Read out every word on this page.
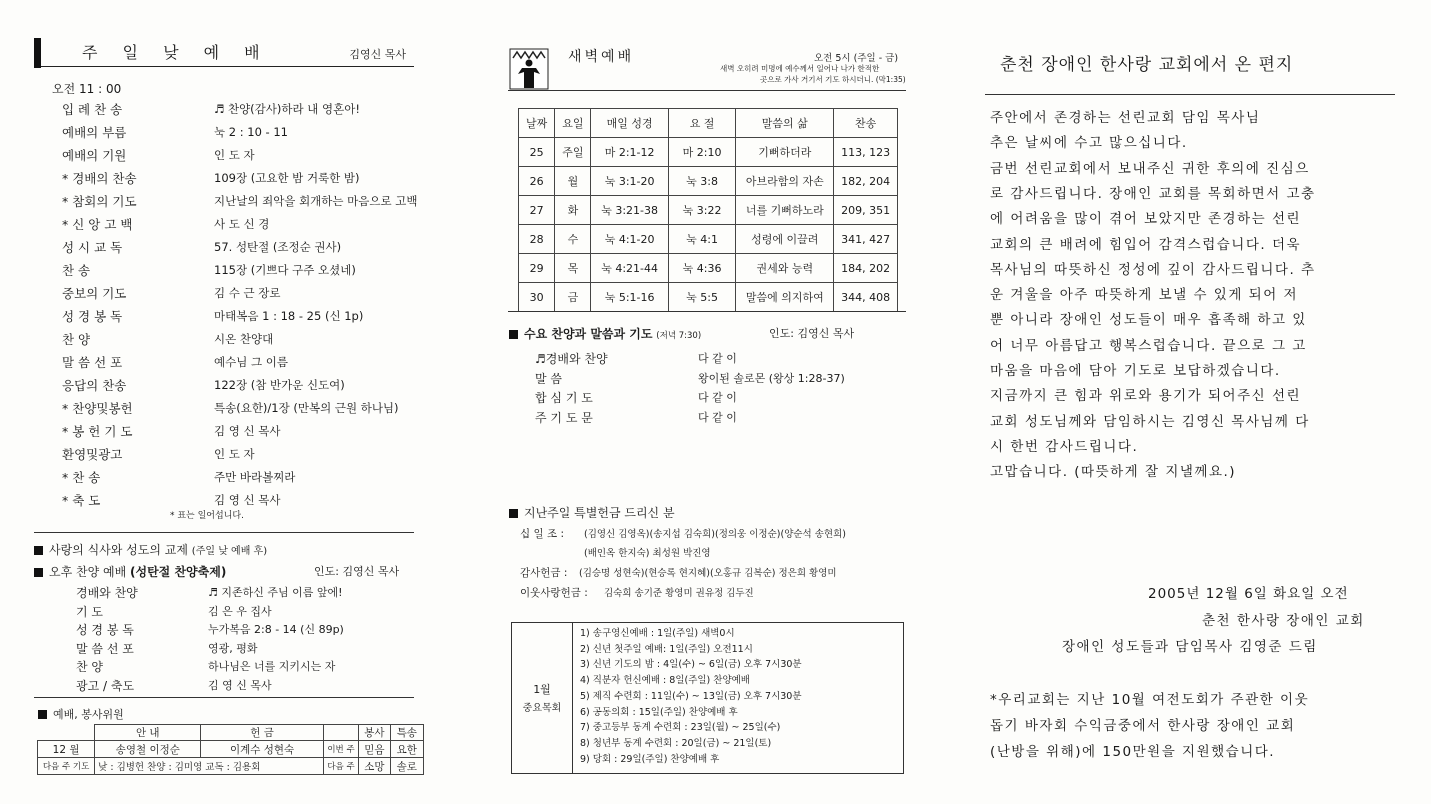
주 일 낮 예 배	김영신 목사
오전 11 : 00
입 례 찬 송	♬ 찬양(감사)하라 내 영혼아!
예배의 부름	눅 2 : 10 - 11
예배의 기원	인 도 자
* 경배의 찬송	109장 (고요한 밤 거룩한 밤)
* 참회의 기도	지난날의 죄악을 회개하는 마음으로 고백
* 신 앙 고 백	사 도 신 경
성 시 교 독	57. 성탄절 (조정순 권사)
찬 송	115장 (기쁘다 구주 오셨네)
중보의 기도	김 수 근 장로
성 경 봉 독	마태복음 1 : 18 - 25 (신 1p)
찬 양	시온 찬양대
말 씀 선 포	예수님 그 이름
응답의 찬송	122장 (참 반가운 신도여)
* 찬양및봉헌	특송(요한)/1장 (만복의 근원 하나님)
* 봉 헌 기 도	김 영 신 목사
환영및광고	인 도 자
* 찬 송	주만 바라볼찌라
* 축 도	김 영 신 목사
* 표는 일어섭니다.
사랑의 식사와 성도의 교제 (주일 낮 예배 후)
오후 찬양 예배 (성탄절 찬양축제)	인도: 김영신 목사
경배와 찬양	♬ 지존하신 주님 이름 앞에!
기 도	김 은 우 집사
성 경 봉 독	누가복음 2:8 - 14 (신 89p)
말 씀 선 포	영광, 평화
찬 양	하나님은 너를 지키시는 자
광고 / 축도	김 영 신 목사
예배, 봉사위원
	안 내	헌 금		봉사	특송
12 월	송영철 이정순	이계수 성현숙	이번 주	믿음	요한
다음 주 기도	낮 : 김병헌 찬양 : 김미영 교독 : 김용회		다음 주	소망	솔로
새벽예배	오전 5시 (주일 - 금)
새벽 오히려 미명에 예수께서 일어나 나가 한적한
곳으로 가사 거기서 기도 하시더니. (막1:35)
날짜	요일	매일 성경	요 절	말씀의 삶	찬송
25	주일	마 2:1-12	마 2:10	기뻐하더라	113, 123
26	월	눅 3:1-20	눅 3:8	아브라함의 자손	182, 204
27	화	눅 3:21-38	눅 3:22	너를 기뻐하노라	209, 351
28	수	눅 4:1-20	눅 4:1	성령에 이끌려	341, 427
29	목	눅 4:21-44	눅 4:36	권세와 능력	184, 202
30	금	눅 5:1-16	눅 5:5	말씀에 의지하여	344, 408
수요 찬양과 말씀과 기도 (저녁 7:30)	인도: 김영신 목사
♬경배와 찬양	다 같 이
말 씀	왕이된 솔로몬 (왕상 1:28-37)
합 심 기 도	다 같 이
주 기 도 문	다 같 이
지난주일 특별헌금 드리신 분
십 일 조 : (김영신 김영옥)(송지섭 김숙희)(정의웅 이정순)(양순석 송현희)
(배인옥 한지숙) 최성원 박진영
감사헌금 : (김승명 성현숙)(현승록 현지혜)(오홍규 김복순) 정은희 황영미
이웃사랑헌금 : 김숙희 송기준 황영미 권유정 김두진
1월
중요목회
1) 송구영신예배 : 1일(주일) 새벽0시
2) 신년 첫주일 예배: 1일(주일) 오전11시
3) 신년 기도의 밤 : 4일(수) ~ 6일(금) 오후 7시30분
4) 직분자 헌신예배 : 8일(주일) 찬양예배
5) 제직 수련회 : 11일(수) ~ 13일(금) 오후 7시30분
6) 공동의회 : 15일(주일) 찬양예배 후
7) 중고등부 동계 수련회 : 23일(월) ~ 25일(수)
8) 청년부 동계 수련회 : 20일(금) ~ 21일(토)
9) 당회 : 29일(주일) 찬양예배 후
춘천 장애인 한사랑 교회에서 온 편지
주안에서 존경하는 선린교회 담임 목사님
추은 날씨에 수고 많으십니다.
금번 선린교회에서 보내주신 귀한 후의에 진심으
로 감사드립니다. 장애인 교회를 목회하면서 고충
에 어려움을 많이 겪어 보았지만 존경하는 선린
교회의 큰 배려에 힘입어 감격스럽습니다. 더욱
목사님의 따뜻하신 정성에 깊이 감사드립니다. 추
운 겨울을 아주 따뜻하게 보낼 수 있게 되어 저
뿐 아니라 장애인 성도들이 매우 흡족해 하고 있
어 너무 아름답고 행복스럽습니다. 끝으로 그 고
마움을 마음에 담아 기도로 보답하겠습니다.
지금까지 큰 힘과 위로와 용기가 되어주신 선린
교회 성도님께와 담임하시는 김영신 목사님께 다
시 한번 감사드립니다.
고맙습니다. (따뜻하게 잘 지낼께요.)
2005년 12월 6일 화요일 오전
춘천 한사랑 장애인 교회
장애인 성도들과 담임목사 김영준 드림
*우리교회는 지난 10월 여전도회가 주관한 이웃
돕기 바자회 수익금중에서 한사랑 장애인 교회
(난방을 위해)에 150만원을 지원했습니다.
